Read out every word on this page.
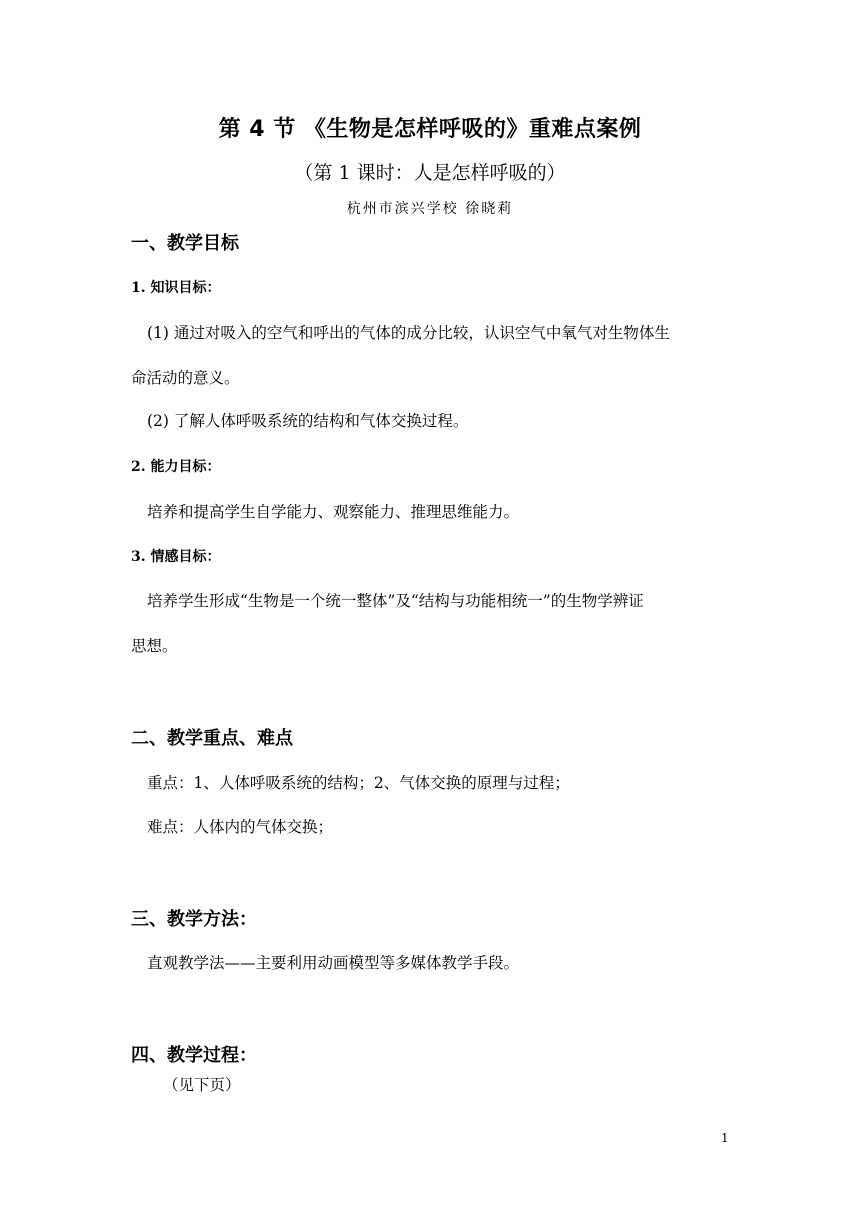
第 4 节 《生物是怎样呼吸的》重难点案例
（第 1 课时：人是怎样呼吸的）
杭州市滨兴学校 徐晓莉
一、教学目标
1. 知识目标：
(1) 通过对吸入的空气和呼出的气体的成分比较，认识空气中氧气对生物体生
命活动的意义。
(2) 了解人体呼吸系统的结构和气体交换过程。
2. 能力目标：
培养和提高学生自学能力、观察能力、推理思维能力。
3. 情感目标：
培养学生形成“生物是一个统一整体”及“结构与功能相统一”的生物学辨证
思想。
二、教学重点、难点
重点：1、人体呼吸系统的结构；2、气体交换的原理与过程；
难点：人体内的气体交换；
三、教学方法：
直观教学法——主要利用动画模型等多媒体教学手段。
四、教学过程：
（见下页）
1
